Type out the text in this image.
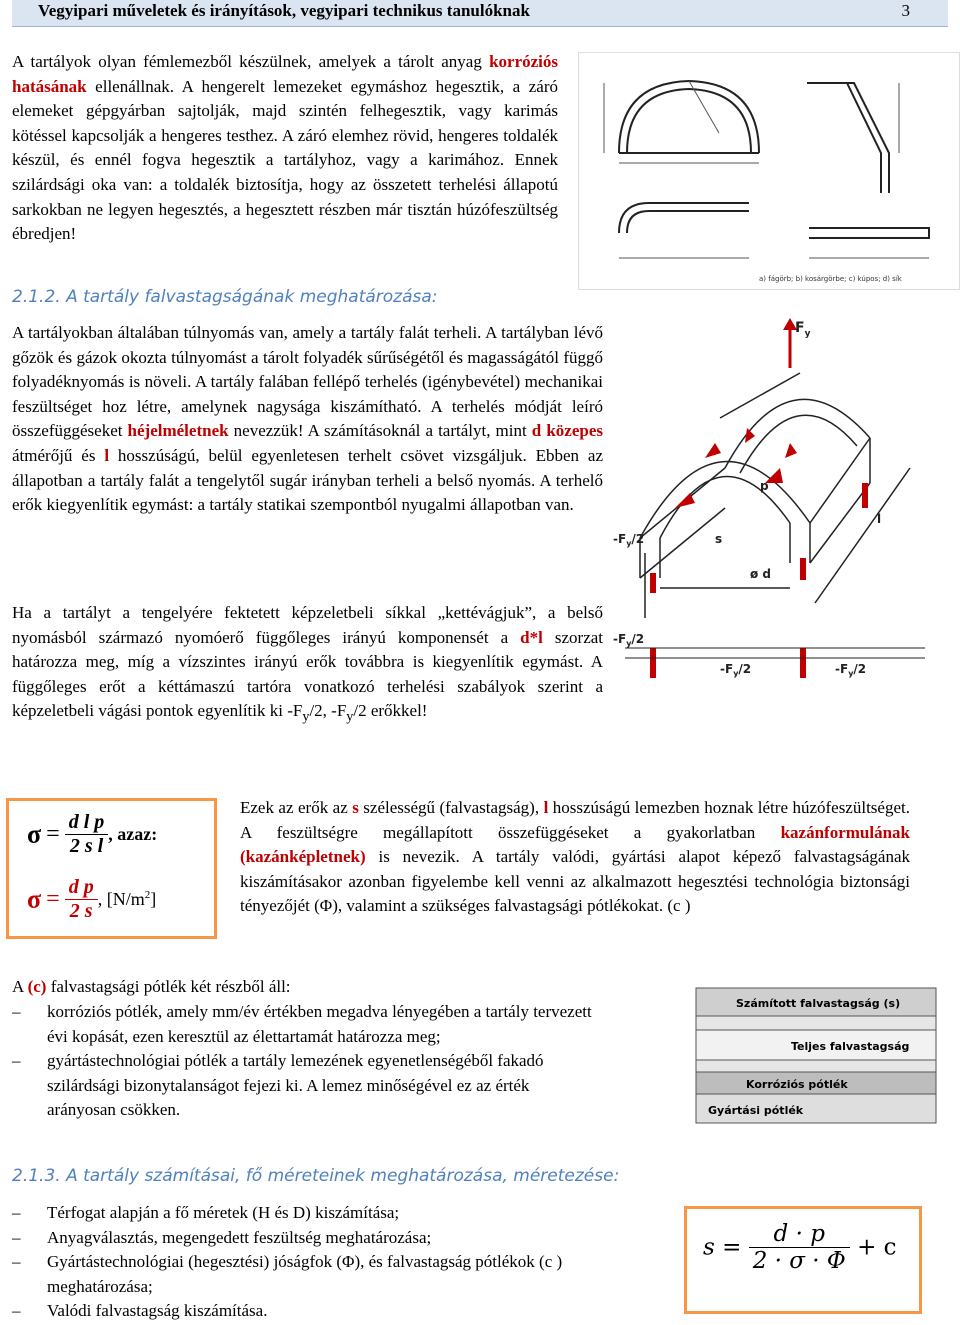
Vegyipari műveletek és irányítások, vegyipari technikus tanulóknak	3

A tartályok olyan fémlemezből készülnek, amelyek a tárolt anyag korróziós hatásának ellenállnak. A hengerelt lemezeket egymáshoz hegesztik, a záró elemeket gépgyárban sajtolják, majd szintén felhegesztik, vagy karimás kötéssel kapcsolják a hengeres testhez. A záró elemhez rövid, hengeres toldalék készül, és ennél fogva hegesztik a tartályhoz, vagy a karimához. Ennek szilárdsági oka van: a toldalék biztosítja, hogy az összetett terhelési állapotú sarkokban ne legyen hegesztés, a hegesztett részben már tisztán húzófeszültség ébredjen!

a) fágörb; b) kosárgörbe; c) kúpos; d) sík
2.1.2. A tartály falvastagságának meghatározása:

A tartályokban általában túlnyomás van, amely a tartály falát terheli. A tartályban lévő gőzök és gázok okozta túlnyomást a tárolt folyadék sűrűségétől és magasságától függő folyadéknyomás is növeli. A tartály falában fellépő terhelés (igénybevétel) mechanikai feszültséget hoz létre, amelynek nagysága kiszámítható. A terhelés módját leíró összefüggéseket héjelméletnek nevezzük! A számításoknál a tartályt, mint d közepes átmérőjű és l hosszúságú, belül egyenletesen terhelt csövet vizsgáljuk. Ebben az állapotban a tartály falát a tengelytől sugár irányban terheli a belső nyomás. A terhelő erők kiegyenlítik egymást: a tartály statikai szempontból nyugalmi állapotban van.

Ha a tartályt a tengelyére fektetett képzeletbeli síkkal „kettévágjuk”, a belső nyomásból származó nyomóerő függőleges irányú komponensét a d*l szorzat határozza meg, míg a vízszintes irányú erők továbbra is kiegyenlítik egymást. A függőleges erőt a kéttámaszú tartóra vonatkozó terhelési szabályok szerint a képzeletbeli vágási pontok egyenlítik ki $-F_y/2$, $-F_y/2$ erőkkel!

$F_y$
p
s
ø d
l
$-F_y/2$
$-F_y/2$
$-F_y/2$	$-F_y/2$
$\sigma = \frac{\text{d l p}}{\text{2 s l}}$ , azaz:
$\sigma = \frac{\text{d p}}{2 s}$ , $[N/m^2]$

Ezek az erők az s szélességű (falvastagság), l hosszúságú lemezben hoznak létre húzófeszültséget. A feszültségre megállapított összefüggéseket a gyakorlatban kazánformulának (kazánképletnek) is nevezik. A tartály valódi, gyártási alapot képező falvastagságának kiszámításakor azonban figyelembe kell venni az alkalmazott hegesztési technológia biztonsági tényezőjét (Φ), valamint a szükséges falvastagsági pótlékokat. (c )

A (c) falvastagsági pótlék két részből áll:

– korróziós pótlék, amely mm/év értékben megadva lényegében a tartály tervezett évi kopását, ezen keresztül az élettartamát határozza meg;
– gyártástechnológiai pótlék a tartály lemezének egyenetlenségéből fakadó szilárdsági bizonytalanságot fejezi ki. A lemez minőségével ez az érték arányosan csökken.
Számított falvastagság (s)
Teljes falvastagság
Korróziós pótlék
Gyártási pótlék
2.1.3. A tartály számításai, fő méreteinek meghatározása, méretezése:
– Térfogat alapján a fő méretek (H és D) kiszámítása;
– Anyagválasztás, megengedett feszültség meghatározása;
– Gyártástechnológiai (hegesztési) jóságfok (Φ), és falvastagság pótlékok (c ) meghatározása;
– Valódi falvastagság kiszámítása.
$s = \frac{d \cdot p}{2 \cdot \sigma \cdot \Phi} + c$
